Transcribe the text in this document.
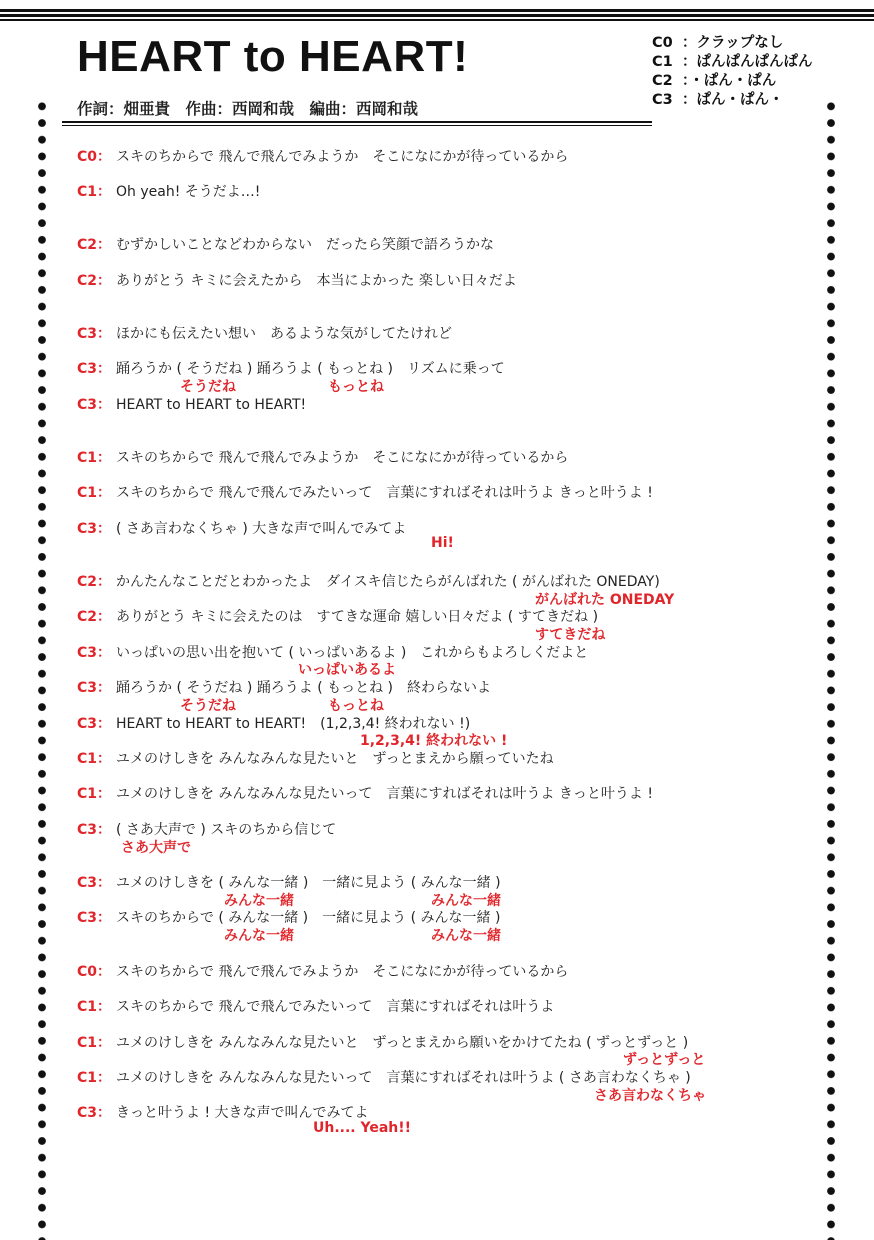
HEART to HEART!
作詞：畑亜貴　作曲：西岡和哉　編曲：西岡和哉
C0 ：クラップなし
C1 ：ぱんぱんぱんぱん
C2 ：・ぱん・ぱん
C3 ：ぱん・ぱん・
C0： スキのちからで 飛んで飛んでみようか　そこになにかが待っているから
C1： Oh yeah! そうだよ…!
C2： むずかしいことなどわからない　だったら笑顔で語ろうかな
C2： ありがとう キミに会えたから　本当によかった 楽しい日々だよ
C3： ほかにも伝えたい想い　あるような気がしてたけれど
C3： 踊ろうか ( そうだね ) 踊ろうよ ( もっとね )　リズムに乗って
そうだね	もっとね
C3： HEART to HEART to HEART!
C1： スキのちからで 飛んで飛んでみようか　そこになにかが待っているから
C1： スキのちからで 飛んで飛んでみたいって　言葉にすればそれは叶うよ きっと叶うよ !
C3： ( さあ言わなくちゃ ) 大きな声で叫んでみてよ
Hi!
C2： かんたんなことだとわかったよ　ダイスキ信じたらがんばれた ( がんばれた ONEDAY)
がんばれた ONEDAY
C2： ありがとう キミに会えたのは　すてきな運命 嬉しい日々だよ ( すてきだね )
すてきだね
C3： いっぱいの思い出を抱いて ( いっぱいあるよ )　これからもよろしくだよと
いっぱいあるよ
C3： 踊ろうか ( そうだね ) 踊ろうよ ( もっとね )　終わらないよ
そうだね	もっとね
C3： HEART to HEART to HEART!　(1,2,3,4! 終われない !)
1,2,3,4! 終われない !
C1： ユメのけしきを みんなみんな見たいと　ずっとまえから願っていたね
C1： ユメのけしきを みんなみんな見たいって　言葉にすればそれは叶うよ きっと叶うよ !
C3： ( さあ大声で ) スキのちから信じて
さあ大声で
C3： ユメのけしきを ( みんな一緒 )　一緒に見よう ( みんな一緒 )
みんな一緒	みんな一緒
C3： スキのちからで ( みんな一緒 )　一緒に見よう ( みんな一緒 )
みんな一緒	みんな一緒
C0： スキのちからで 飛んで飛んでみようか　そこになにかが待っているから
C1： スキのちからで 飛んで飛んでみたいって　言葉にすればそれは叶うよ
C1： ユメのけしきを みんなみんな見たいと　ずっとまえから願いをかけてたね ( ずっとずっと )
ずっとずっと
C1： ユメのけしきを みんなみんな見たいって　言葉にすればそれは叶うよ ( さあ言わなくちゃ )
さあ言わなくちゃ
C3： きっと叶うよ ! 大きな声で叫んでみてよ
Uh.... Yeah!!
